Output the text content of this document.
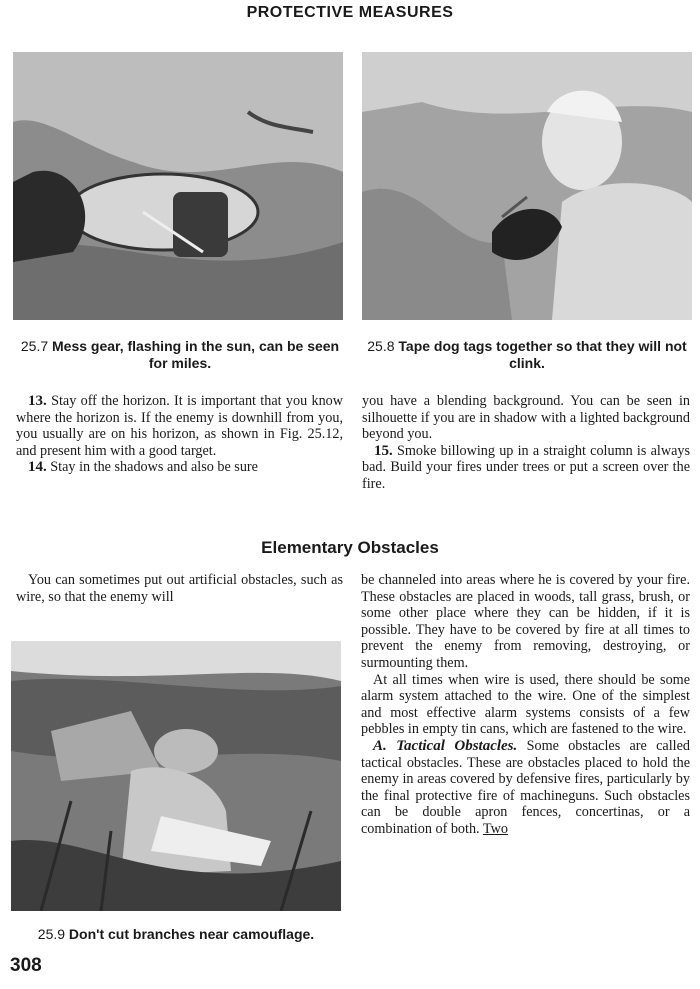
PROTECTIVE MEASURES
25.7 Mess gear, flashing in the sun, can be seen for miles.
25.8 Tape dog tags together so that they will not clink.

13. Stay off the horizon. It is important that you know where the horizon is. If the enemy is downhill from you, you usually are on his horizon, as shown in Fig. 25.12, and present him with a good target.

14. Stay in the shadows and also be sure

you have a blending background. You can be seen in silhouette if you are in shadow with a lighted background beyond you.

15. Smoke billowing up in a straight column is always bad. Build your fires under trees or put a screen over the fire.

Elementary Obstacles

You can sometimes put out artificial obstacles, such as wire, so that the enemy will

25.9 Don't cut branches near camouflage.

be channeled into areas where he is covered by your fire. These obstacles are placed in woods, tall grass, brush, or some other place where they can be hidden, if it is possible. They have to be covered by fire at all times to prevent the enemy from removing, destroying, or surmounting them.

At all times when wire is used, there should be some alarm system attached to the wire. One of the simplest and most effective alarm systems consists of a few pebbles in empty tin cans, which are fastened to the wire.

A. Tactical Obstacles. Some obstacles are called tactical obstacles. These are obstacles placed to hold the enemy in areas covered by defensive fires, particularly by the final protective fire of machineguns. Such obstacles can be double apron fences, concertinas, or a combination of both. Two

308
